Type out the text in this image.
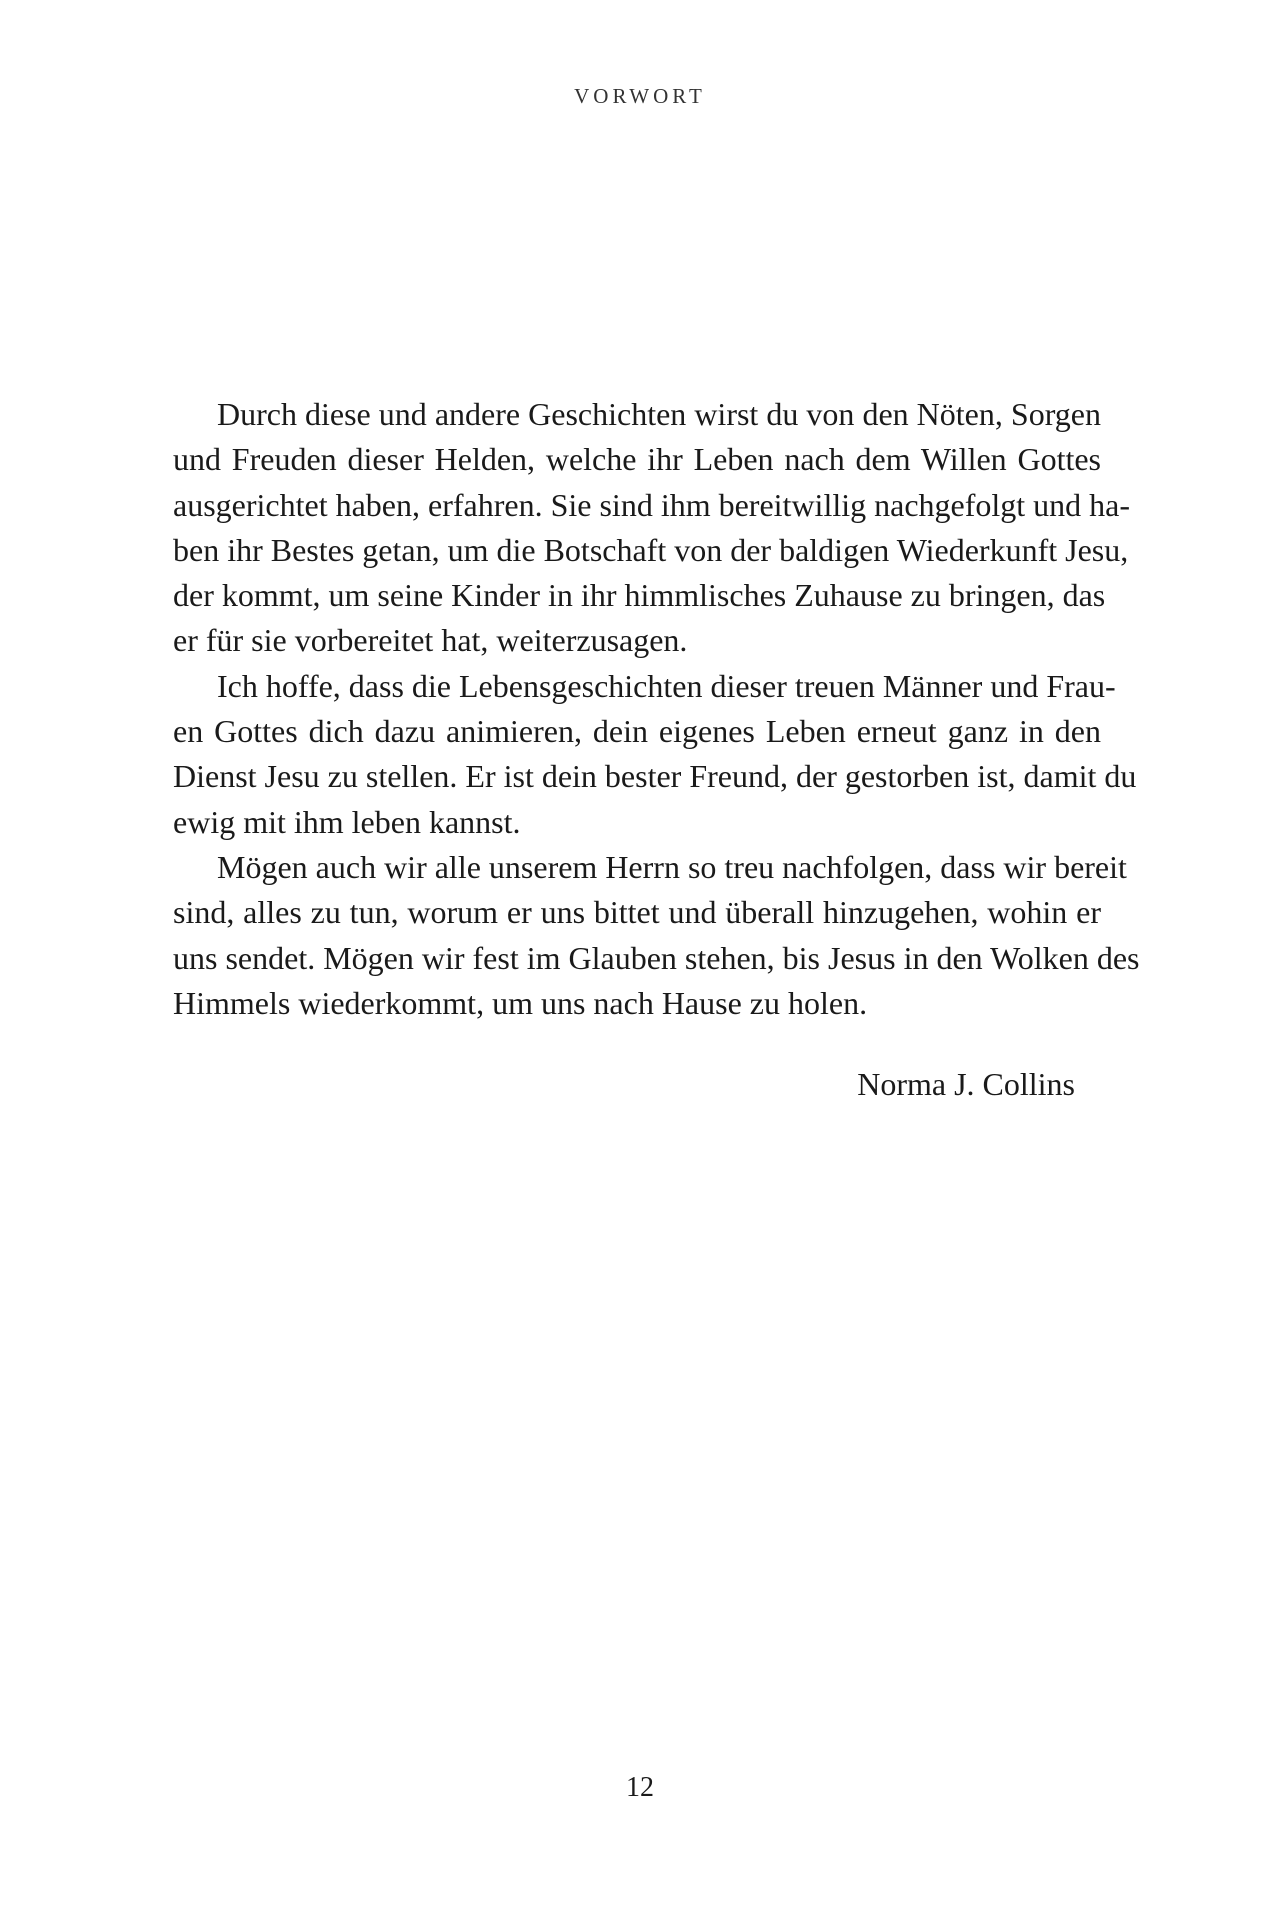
VORWORT
Durch diese und andere Geschichten wirst du von den Nöten, Sorgen
und Freuden dieser Helden, welche ihr Leben nach dem Willen Gottes
ausgerichtet haben, erfahren. Sie sind ihm bereitwillig nachgefolgt und ha-
ben ihr Bestes getan, um die Botschaft von der baldigen Wiederkunft Jesu,
der kommt, um seine Kinder in ihr himmlisches Zuhause zu bringen, das
er für sie vorbereitet hat, weiterzusagen.
Ich hoffe, dass die Lebensgeschichten dieser treuen Männer und Frau-
en Gottes dich dazu animieren, dein eigenes Leben erneut ganz in den
Dienst Jesu zu stellen. Er ist dein bester Freund, der gestorben ist, damit du
ewig mit ihm leben kannst.
Mögen auch wir alle unserem Herrn so treu nachfolgen, dass wir bereit
sind, alles zu tun, worum er uns bittet und überall hinzugehen, wohin er
uns sendet. Mögen wir fest im Glauben stehen, bis Jesus in den Wolken des
Himmels wiederkommt, um uns nach Hause zu holen.
Norma J. Collins
12
